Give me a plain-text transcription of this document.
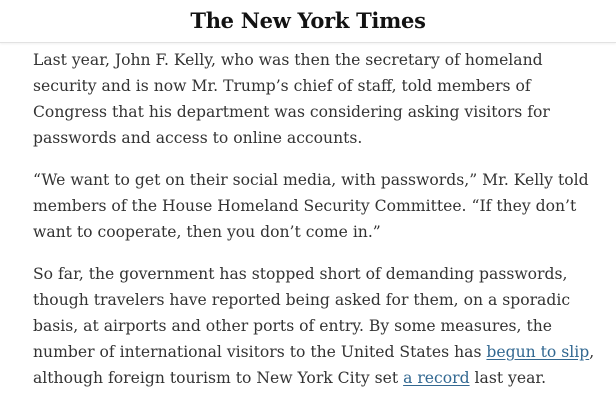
The New York Times

Last year, John F. Kelly, who was then the secretary of homeland
security and is now Mr. Trump’s chief of staff, told members of
Congress that his department was considering asking visitors for
passwords and access to online accounts.

“We want to get on their social media, with passwords,” Mr. Kelly told
members of the House Homeland Security Committee. “If they don’t
want to cooperate, then you don’t come in.”

So far, the government has stopped short of demanding passwords,
though travelers have reported being asked for them, on a sporadic
basis, at airports and other ports of entry. By some measures, the
number of international visitors to the United States has begun to slip,
although foreign tourism to New York City set a record last year.
